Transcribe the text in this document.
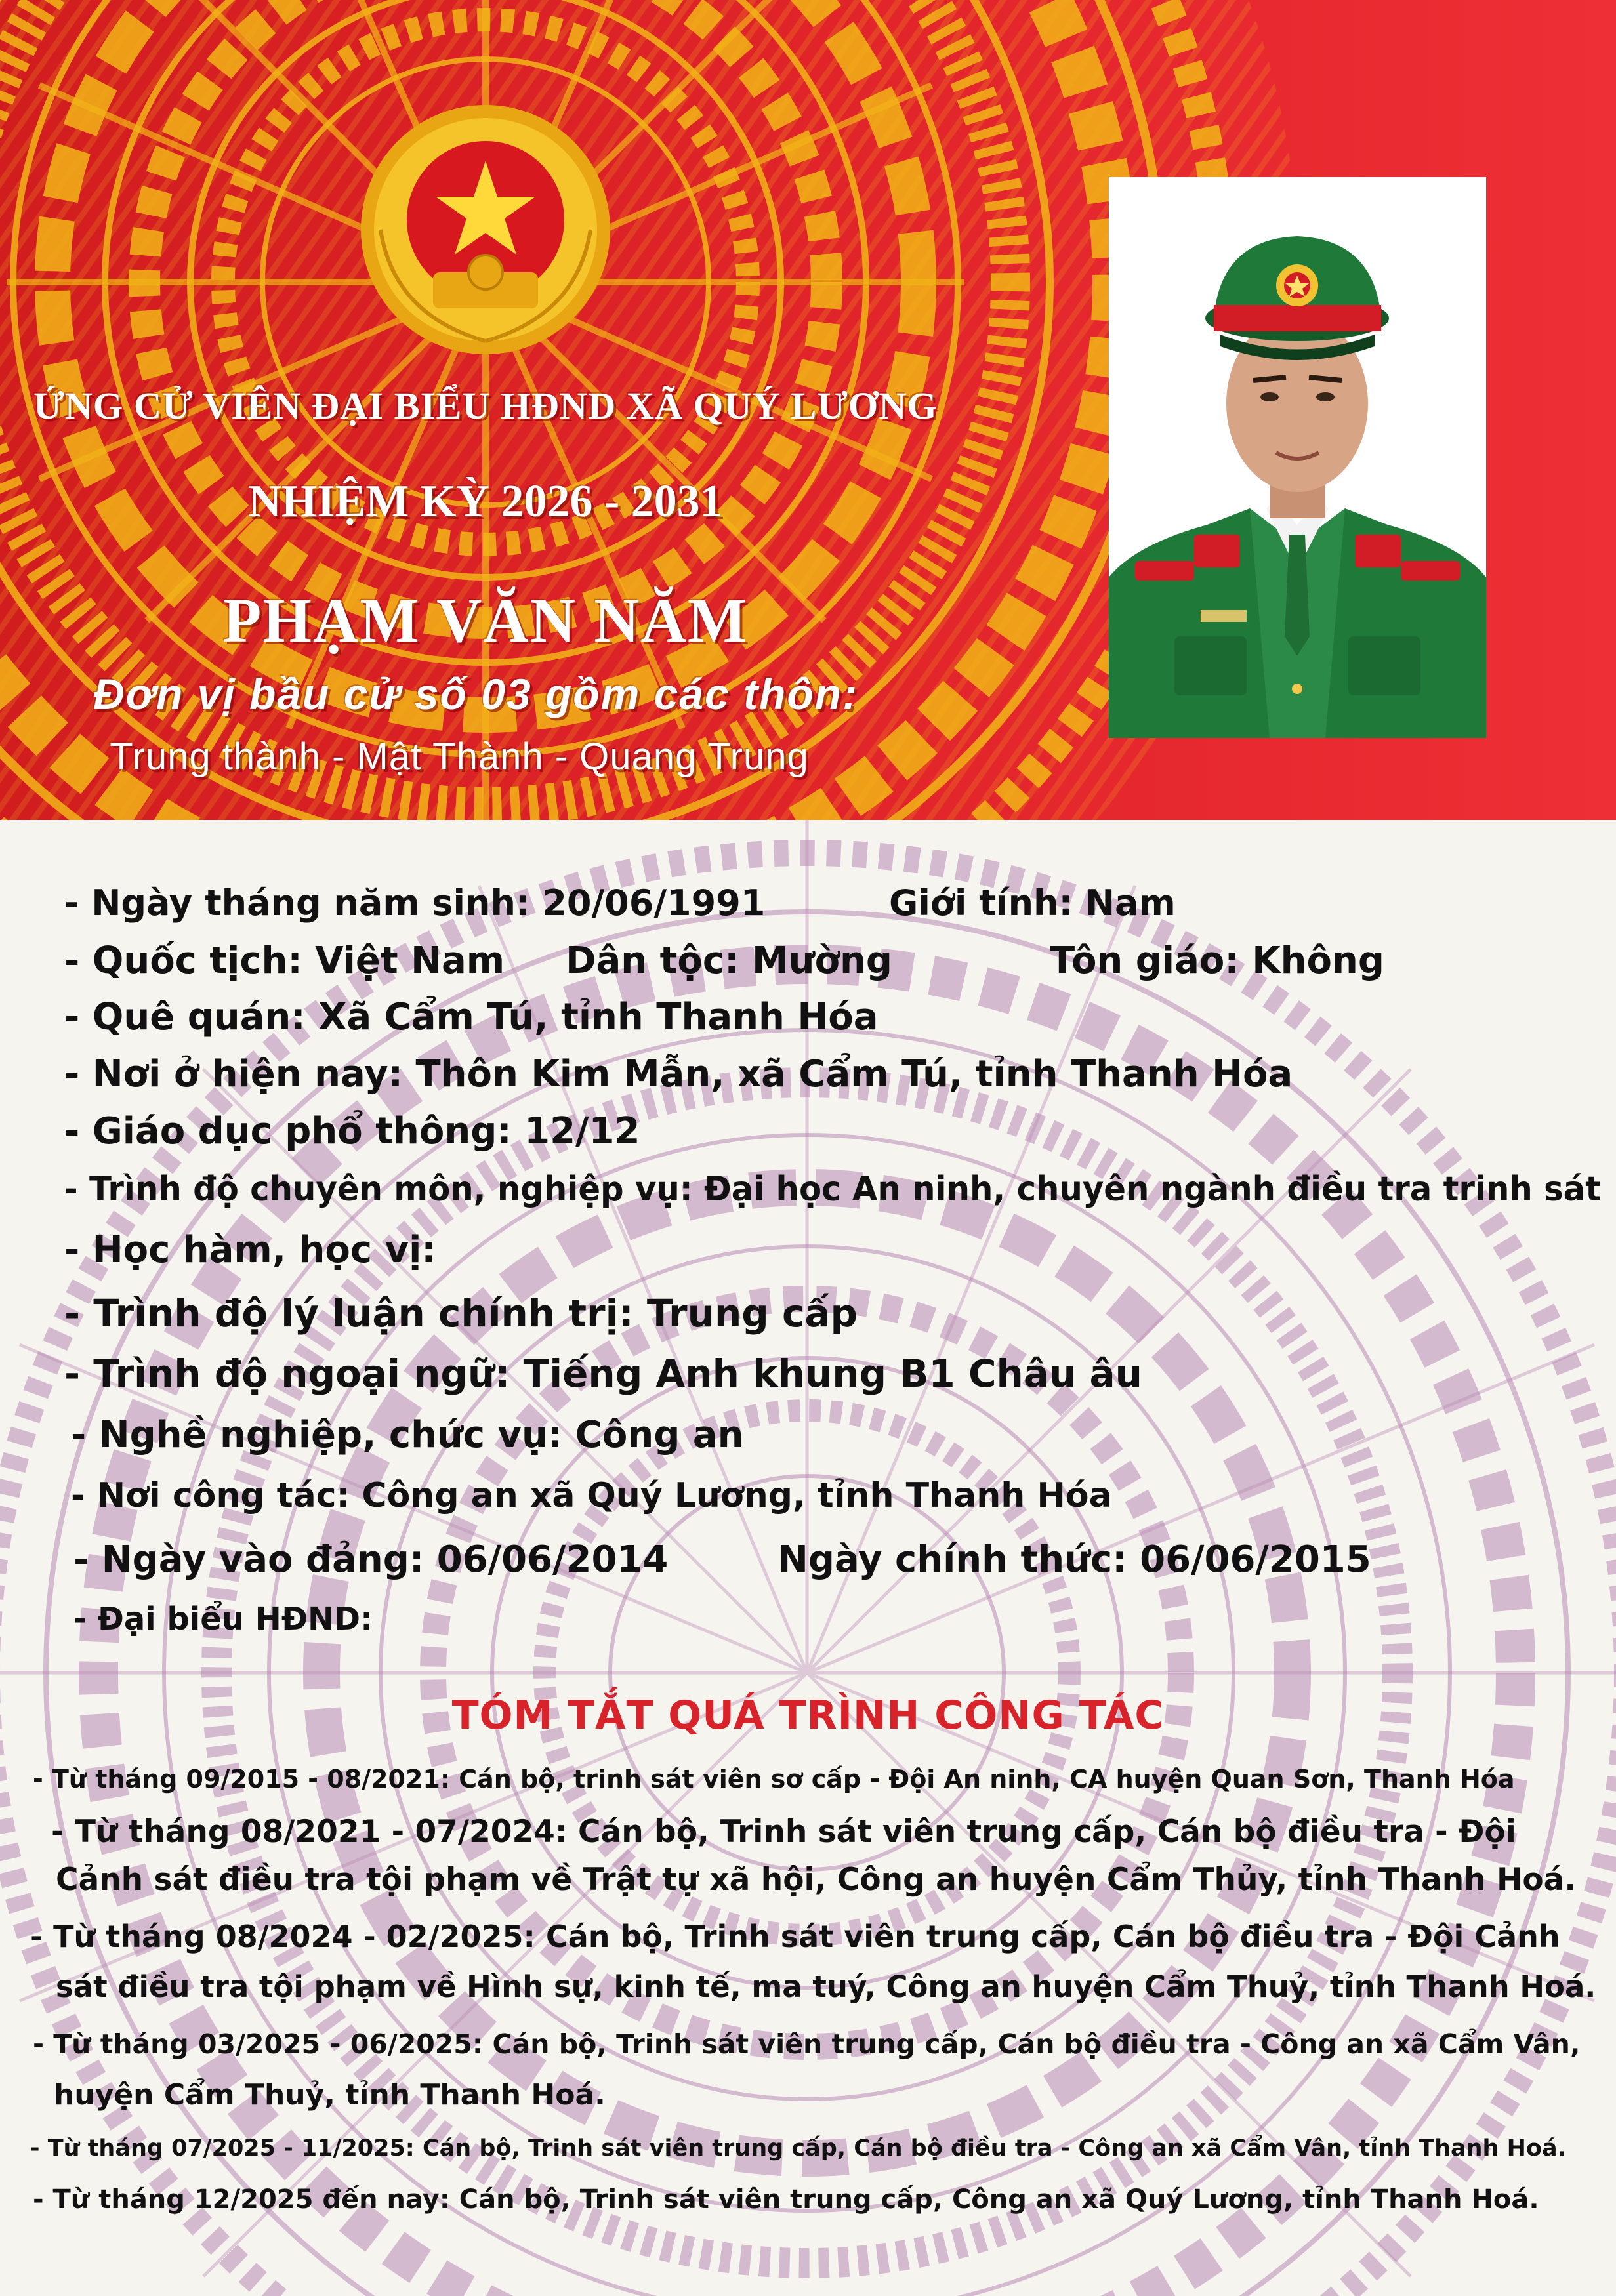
ỨNG CỬ VIÊN ĐẠI BIỂU HĐND XÃ QUÝ LƯƠNG
NHIỆM KỲ 2026 - 2031
PHẠM VĂN NĂM
Đơn vị bầu cử số 03 gồm các thôn:
Trung thành - Mật Thành - Quang Trung
- Ngày tháng năm sinh: 20/06/1991	Giới tính: Nam
- Quốc tịch: Việt Nam Dân tộc: Mường	Tôn giáo: Không
- Quê quán: Xã Cẩm Tú, tỉnh Thanh Hóa
- Nơi ở hiện nay: Thôn Kim Mẫn, xã Cẩm Tú, tỉnh Thanh Hóa
- Giáo dục phổ thông: 12/12
- Trình độ chuyên môn, nghiệp vụ: Đại học An ninh, chuyên ngành điều tra trinh sát
- Học hàm, học vị:
- Trình độ lý luận chính trị: Trung cấp
- Trình độ ngoại ngữ: Tiếng Anh khung B1 Châu âu
- Nghề nghiệp, chức vụ: Công an
- Nơi công tác: Công an xã Quý Lương, tỉnh Thanh Hóa
- Ngày vào đảng: 06/06/2014	Ngày chính thức: 06/06/2015
- Đại biểu HĐND:
TÓM TẮT QUÁ TRÌNH CÔNG TÁC
- Từ tháng 09/2015 - 08/2021: Cán bộ, trinh sát viên sơ cấp - Đội An ninh, CA huyện Quan Sơn, Thanh Hóa
- Từ tháng 08/2021 - 07/2024: Cán bộ, Trinh sát viên trung cấp, Cán bộ điều tra - Đội
Cảnh sát điều tra tội phạm về Trật tự xã hội, Công an huyện Cẩm Thủy, tỉnh Thanh Hoá.
- Từ tháng 08/2024 - 02/2025: Cán bộ, Trinh sát viên trung cấp, Cán bộ điều tra - Đội Cảnh
sát điều tra tội phạm về Hình sự, kinh tế, ma tuý, Công an huyện Cẩm Thuỷ, tỉnh Thanh Hoá.
- Từ tháng 03/2025 - 06/2025: Cán bộ, Trinh sát viên trung cấp, Cán bộ điều tra - Công an xã Cẩm Vân,
huyện Cẩm Thuỷ, tỉnh Thanh Hoá.
- Từ tháng 07/2025 - 11/2025: Cán bộ, Trinh sát viên trung cấp, Cán bộ điều tra - Công an xã Cẩm Vân, tỉnh Thanh Hoá.
- Từ tháng 12/2025 đến nay: Cán bộ, Trinh sát viên trung cấp, Công an xã Quý Lương, tỉnh Thanh Hoá.
